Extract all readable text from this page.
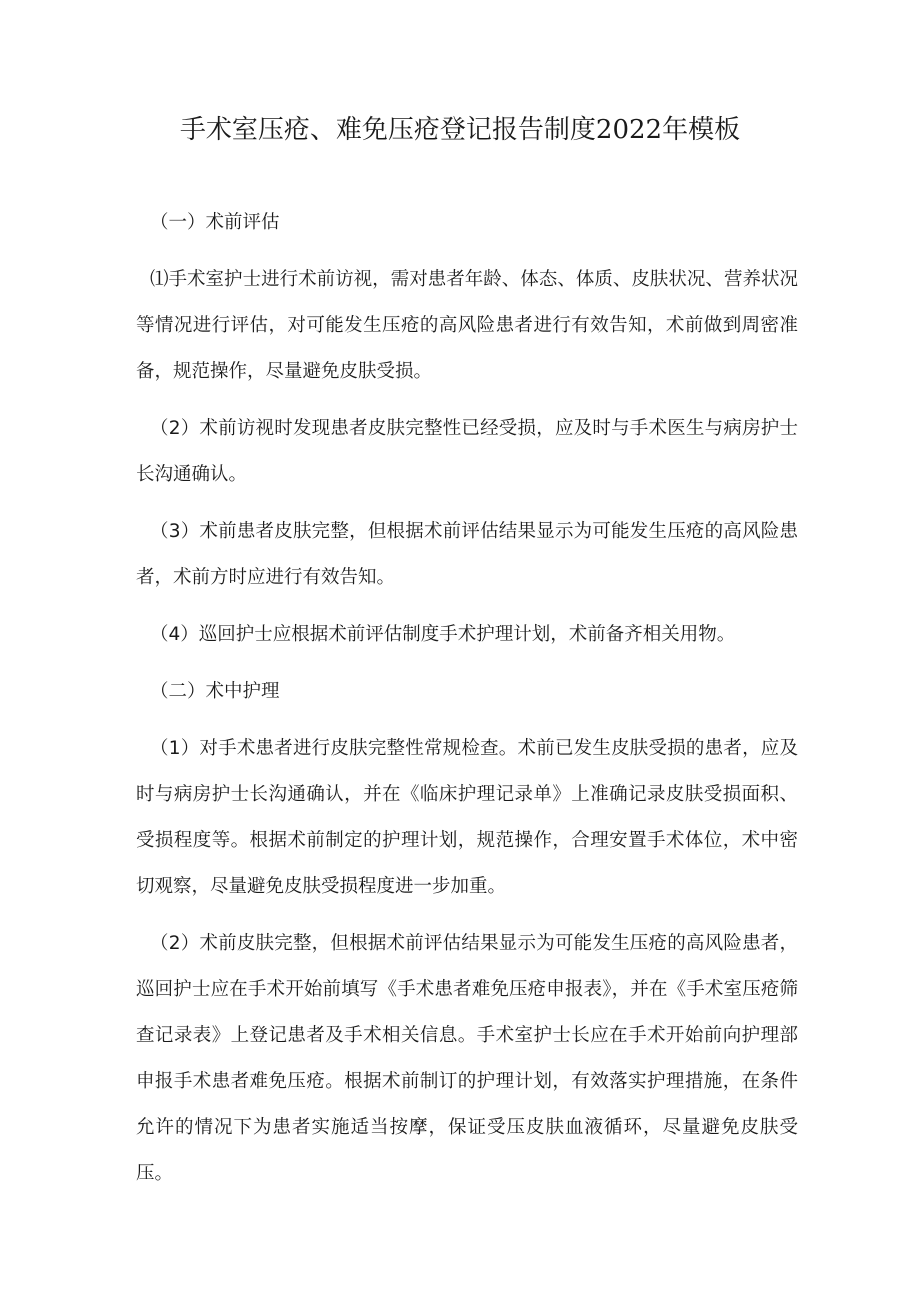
手术室压疮、难免压疮登记报告制度2022年模板
（一）术前评估

⑴手术室护士进行术前访视，需对患者年龄、体态、体质、皮肤状况、营养状况等情况进行评估，对可能发生压疮的高风险患者进行有效告知，术前做到周密准备，规范操作，尽量避免皮肤受损。

（2）术前访视时发现患者皮肤完整性已经受损，应及时与手术医生与病房护士长沟通确认。

（3）术前患者皮肤完整，但根据术前评估结果显示为可能发生压疮的高风险患者，术前方时应进行有效告知。

（4）巡回护士应根据术前评估制度手术护理计划，术前备齐相关用物。

（二）术中护理

（1）对手术患者进行皮肤完整性常规检查。术前已发生皮肤受损的患者，应及时与病房护士长沟通确认，并在《临床护理记录单》上准确记录皮肤受损面积、受损程度等。根据术前制定的护理计划，规范操作，合理安置手术体位，术中密切观察，尽量避免皮肤受损程度进一步加重。

（2）术前皮肤完整，但根据术前评估结果显示为可能发生压疮的高风险患者，巡回护士应在手术开始前填写《手术患者难免压疮申报表》，并在《手术室压疮筛查记录表》上登记患者及手术相关信息。手术室护士长应在手术开始前向护理部申报手术患者难免压疮。根据术前制订的护理计划，有效落实护理措施，在条件允许的情况下为患者实施适当按摩，保证受压皮肤血液循环，尽量避免皮肤受压。
